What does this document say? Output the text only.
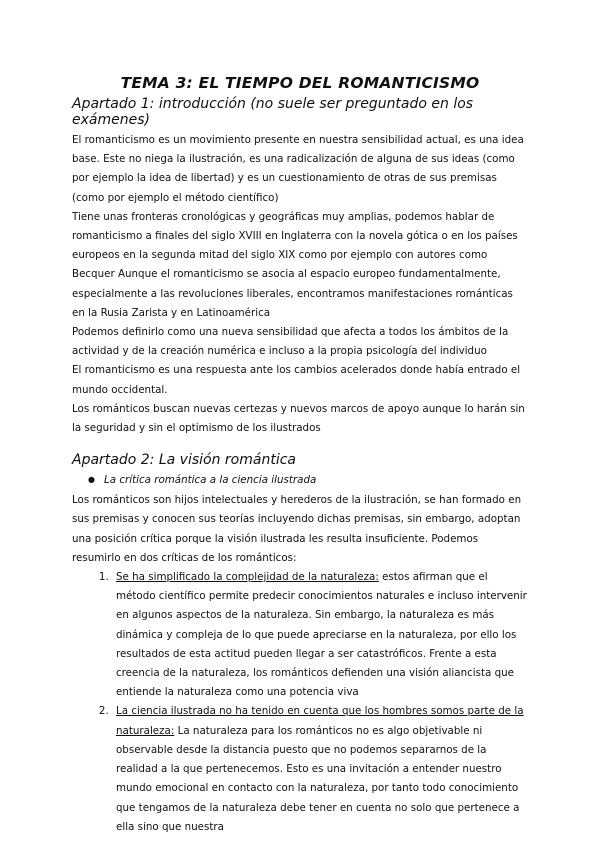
TEMA 3: EL TIEMPO DEL ROMANTICISMO
Apartado 1: introducción (no suele ser preguntado en los exámenes)

El romanticismo es un movimiento presente en nuestra sensibilidad actual, es una idea base. Este no niega la ilustración, es una radicalización de alguna de sus ideas (como por ejemplo la idea de libertad) y es un cuestionamiento de otras de sus premisas (como por ejemplo el método científico)

Tiene unas fronteras cronológicas y geográficas muy amplias, podemos hablar de romanticismo a finales del siglo XVIII en Inglaterra con la novela gótica o en los países europeos en la segunda mitad del siglo XIX como por ejemplo con autores como Becquer Aunque el romanticismo se asocia al espacio europeo fundamentalmente, especialmente a las revoluciones liberales, encontramos manifestaciones románticas en la Rusia Zarista y en Latinoamérica

Podemos definirlo como una nueva sensibilidad que afecta a todos los ámbitos de la actividad y de la creación numérica e incluso a la propia psicología del individuo

El romanticismo es una respuesta ante los cambios acelerados donde había entrado el mundo occidental.

Los románticos buscan nuevas certezas y nuevos marcos de apoyo aunque lo harán sin la seguridad y sin el optimismo de los ilustrados

Apartado 2: La visión romántica
● La crítica romántica a la ciencia ilustrada

Los románticos son hijos intelectuales y herederos de la ilustración, se han formado en sus premisas y conocen sus teorías incluyendo dichas premisas, sin embargo, adoptan una posición crítica porque la visión ilustrada les resulta insuficiente. Podemos resumirlo en dos críticas de los románticos:

1. Se ha simplificado la complejidad de la naturaleza: estos afirman que el método científico permite predecir conocimientos naturales e incluso intervenir en algunos aspectos de la naturaleza. Sin embargo, la naturaleza es más dinámica y compleja de lo que puede apreciarse en la naturaleza, por ello los resultados de esta actitud pueden llegar a ser catastróficos. Frente a esta creencia de la naturaleza, los románticos defienden una visión aliancista que entiende la naturaleza como una potencia viva
2. La ciencia ilustrada no ha tenido en cuenta que los hombres somos parte de la naturaleza: La naturaleza para los románticos no es algo objetivable ni observable desde la distancia puesto que no podemos separarnos de la realidad a la que pertenecemos. Esto es una invitación a entender nuestro mundo emocional en contacto con la naturaleza, por tanto todo conocimiento que tengamos de la naturaleza debe tener en cuenta no solo que pertenece a ella sino que nuestra
